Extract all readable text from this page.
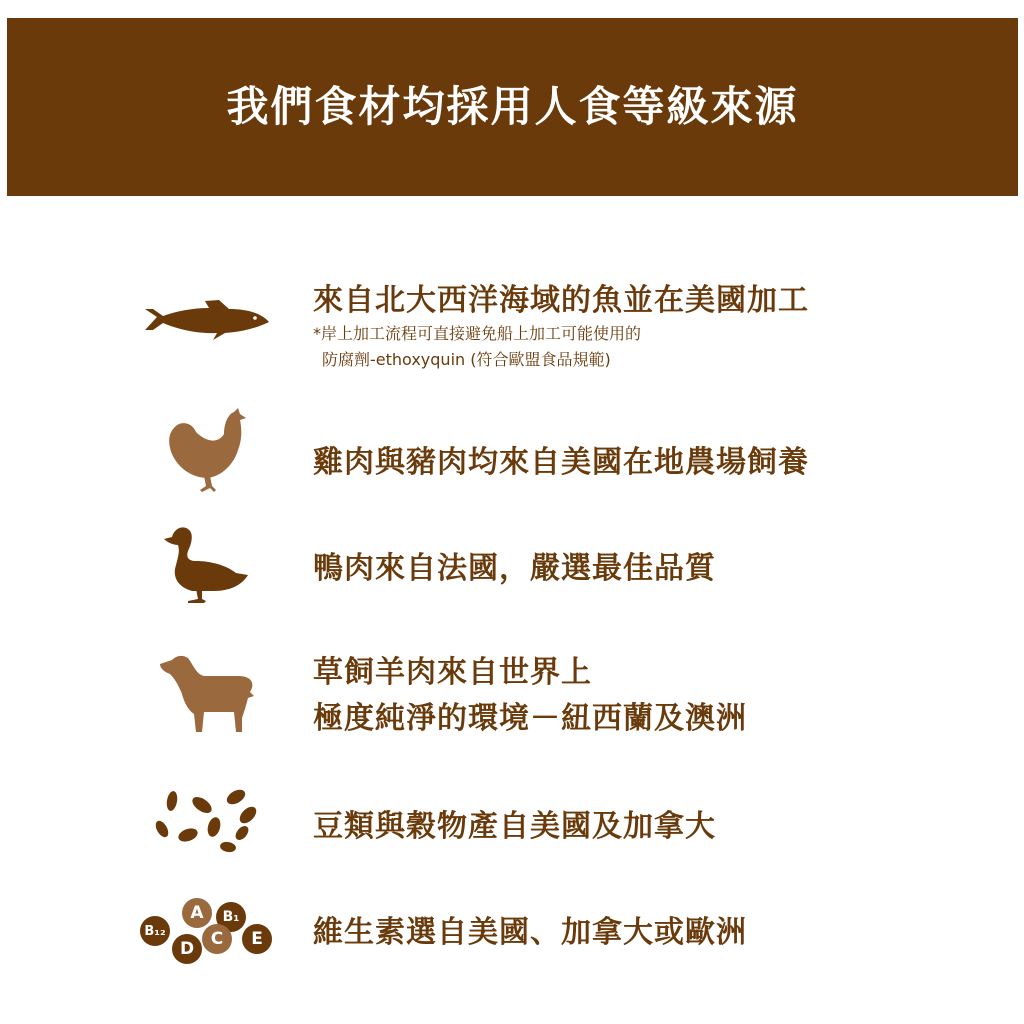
我們食材均採用人食等級來源
來自北大西洋海域的魚並在美國加工
*岸上加工流程可直接避免船上加工可能使用的
防腐劑-ethoxyquin (符合歐盟食品規範)
雞肉與豬肉均來自美國在地農場飼養
鴨肉來自法國，嚴選最佳品質
草飼羊肉來自世界上
極度純淨的環境－紐西蘭及澳洲
豆類與穀物產自美國及加拿大
B₁₂
A	B₁
D C	E	維生素選自美國、加拿大或歐洲
